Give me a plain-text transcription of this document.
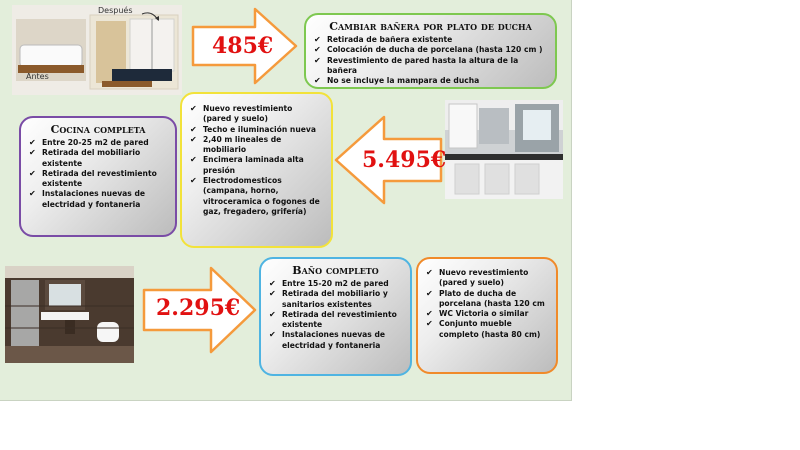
Antes
Después
485€
Cambiar bañera por plato de ducha
✔ Retirada de bañera existente
✔ Colocación de ducha de porcelana (hasta 120 cm )
✔ Revestimiento de pared hasta la altura de la bañera
✔ No se incluye la mampara de ducha
5.495€
Cocina completa
✔ Entre 20-25 m2 de pared
✔ Retirada del mobiliario existente
✔ Retirada del revestimiento existente
✔ Instalaciones nuevas de electridad y fontaneria
✔ Nuevo revestimiento (pared y suelo)
✔ Techo e iluminación nueva
✔ 2,40 m lineales de mobiliario
✔ Encimera laminada alta presión
✔ Electrodomesticos (campana, horno, vitroceramica o fogones de gaz, fregadero, grifería)
2.295€
Baño completo
✔ Entre 15-20 m2 de pared
✔ Retirada del mobiliario y sanitarios existentes
✔ Retirada del revestimiento existente
✔ Instalaciones nuevas de electridad y fontaneria
✔ Nuevo revestimiento (pared y suelo)
✔ Plato de ducha de porcelana (hasta 120 cm
✔ WC Victoria o similar
✔ Conjunto mueble completo (hasta 80 cm)
